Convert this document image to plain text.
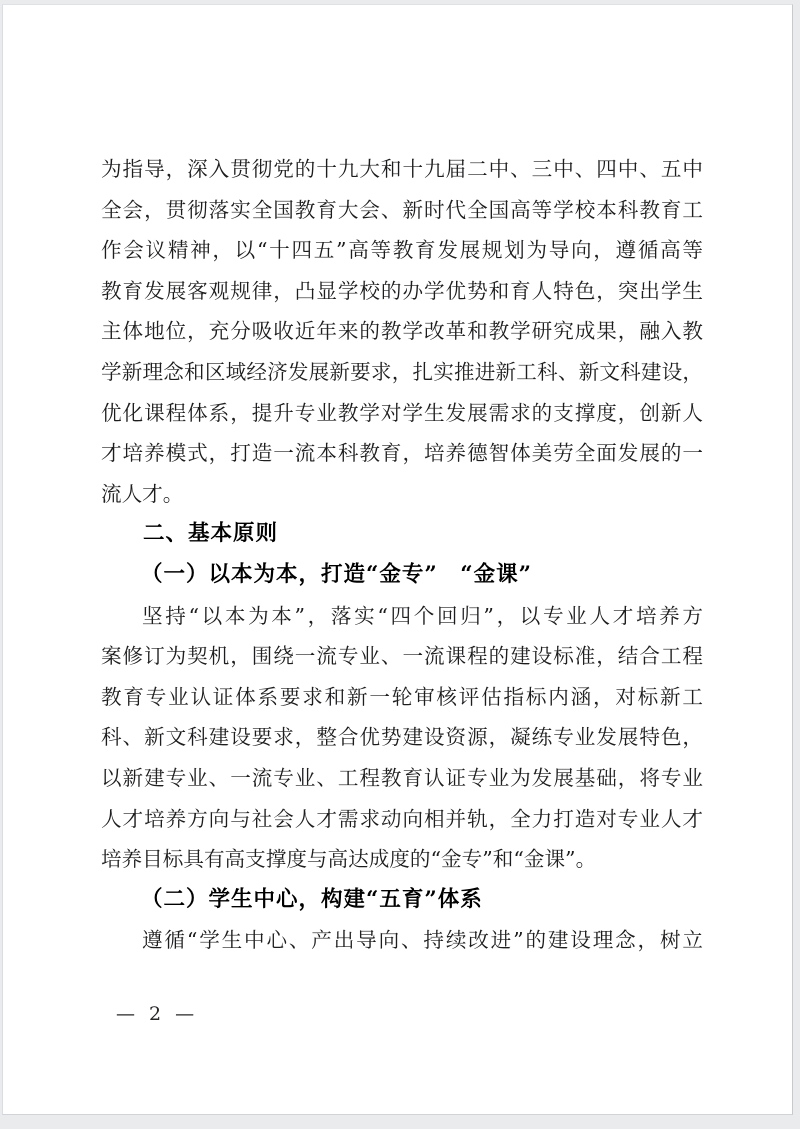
为指导，深入贯彻党的十九大和十九届二中、三中、四中、五中
全会，贯彻落实全国教育大会、新时代全国高等学校本科教育工
作会议精神，以“十四五”高等教育发展规划为导向，遵循高等
教育发展客观规律，凸显学校的办学优势和育人特色，突出学生
主体地位，充分吸收近年来的教学改革和教学研究成果，融入教
学新理念和区域经济发展新要求，扎实推进新工科、新文科建设，
优化课程体系，提升专业教学对学生发展需求的支撑度，创新人
才培养模式，打造一流本科教育，培养德智体美劳全面发展的一
流人才。
二、基本原则
（一）以本为本，打造“金专”　“金课”
坚持“以本为本”，落实“四个回归”，以专业人才培养方
案修订为契机，围绕一流专业、一流课程的建设标准，结合工程
教育专业认证体系要求和新一轮审核评估指标内涵，对标新工
科、新文科建设要求，整合优势建设资源，凝练专业发展特色，
以新建专业、一流专业、工程教育认证专业为发展基础，将专业
人才培养方向与社会人才需求动向相并轨，全力打造对专业人才
培养目标具有高支撑度与高达成度的“金专”和“金课”。
（二）学生中心，构建“五育”体系
遵循“学生中心、产出导向、持续改进”的建设理念，树立
— 2 —
